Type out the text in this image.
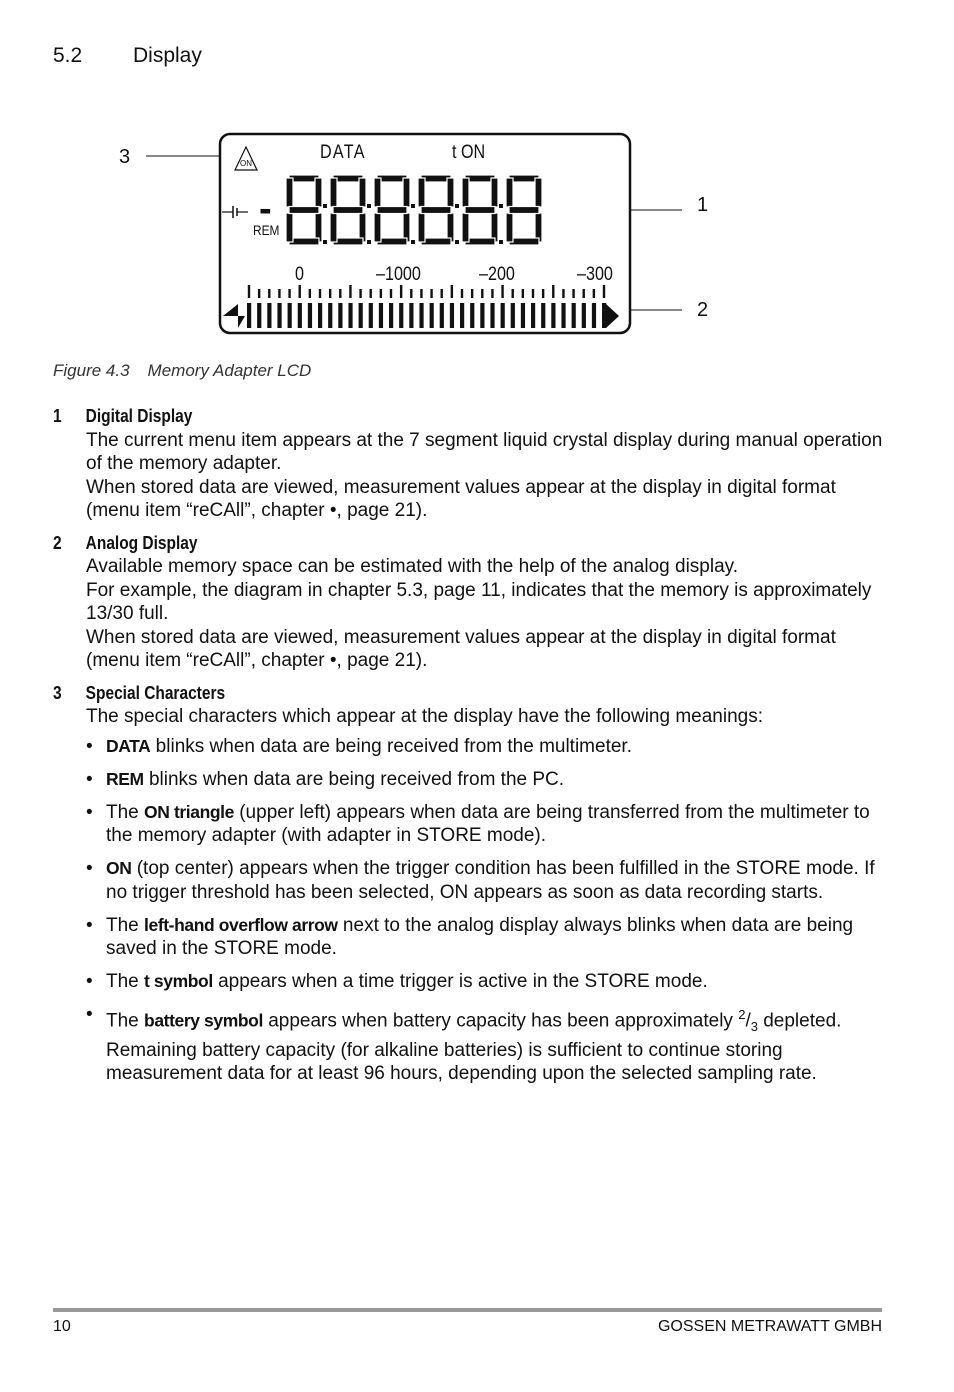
5.2 Display
3
1
2
ON
DATA	t ON
REM
-
0	–1000	–200	–300
Figure 4.3 Memory Adapter LCD
1 Digital Display

The current menu item appears at the 7 segment liquid crystal display during manual operation of the memory adapter.

When stored data are viewed, measurement values appear at the display in digital format (menu item “reCAll”, chapter •, page 21).

2 Analog Display

Available memory space can be estimated with the help of the analog display.

For example, the diagram in chapter 5.3, page 11, indicates that the memory is approximately 13/30 full.

When stored data are viewed, measurement values appear at the display in digital format (menu item “reCAll”, chapter •, page 21).

3 Special Characters

The special characters which appear at the display have the following meanings:

• DATA blinks when data are being received from the multimeter.
• REM blinks when data are being received from the PC.
• The ON triangle (upper left) appears when data are being transferred from the multimeter to the memory adapter (with adapter in STORE mode).
• ON (top center) appears when the trigger condition has been fulfilled in the STORE mode. If no trigger threshold has been selected, ON appears as soon as data recording starts.
• The left-hand overflow arrow next to the analog display always blinks when data are being saved in the STORE mode.
• The t symbol appears when a time trigger is active in the STORE mode.
• The battery symbol appears when battery capacity has been approximately $^2/_3$ depleted. Remaining battery capacity (for alkaline batteries) is sufficient to continue storing measurement data for at least 96 hours, depending upon the selected sampling rate.
10	GOSSEN METRAWATT GMBH
